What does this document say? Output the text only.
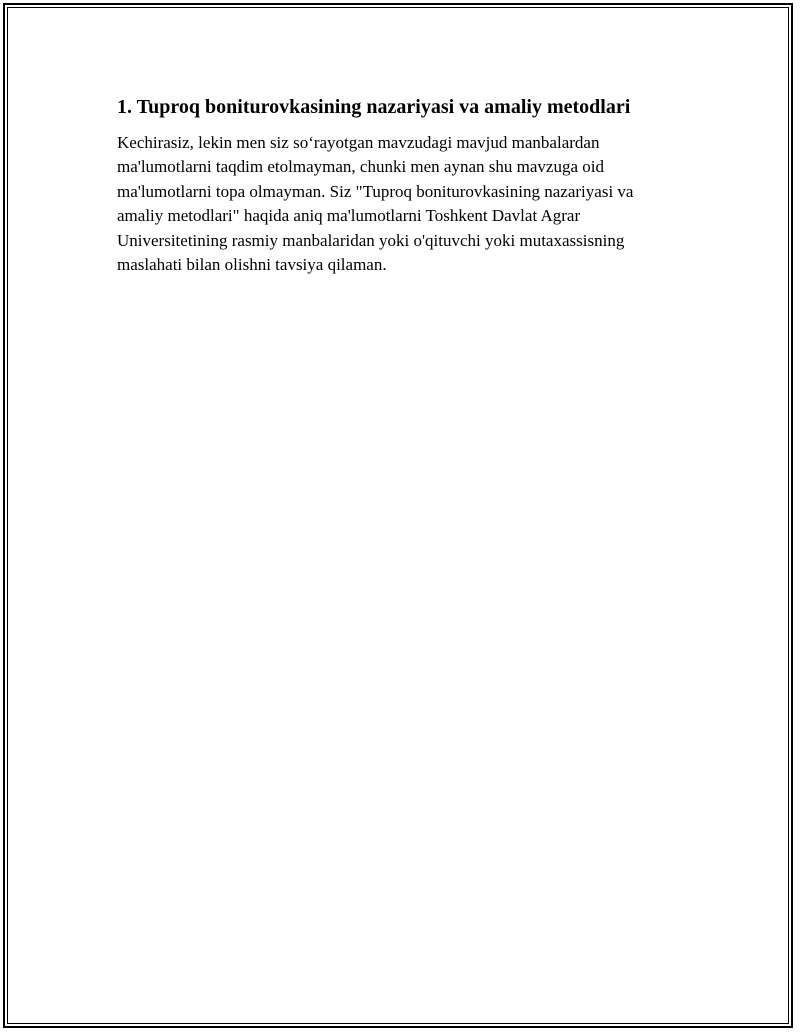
1. Tuproq boniturovkasining nazariyasi va amaliy metodlari

Kechirasiz, lekin men siz so‘rayotgan mavzudagi mavjud manbalardan
ma'lumotlarni taqdim etolmayman, chunki men aynan shu mavzuga oid
ma'lumotlarni topa olmayman. Siz "Tuproq boniturovkasining nazariyasi va
amaliy metodlari" haqida aniq ma'lumotlarni Toshkent Davlat Agrar
Universitetining rasmiy manbalaridan yoki o'qituvchi yoki mutaxassisning
maslahati bilan olishni tavsiya qilaman.
